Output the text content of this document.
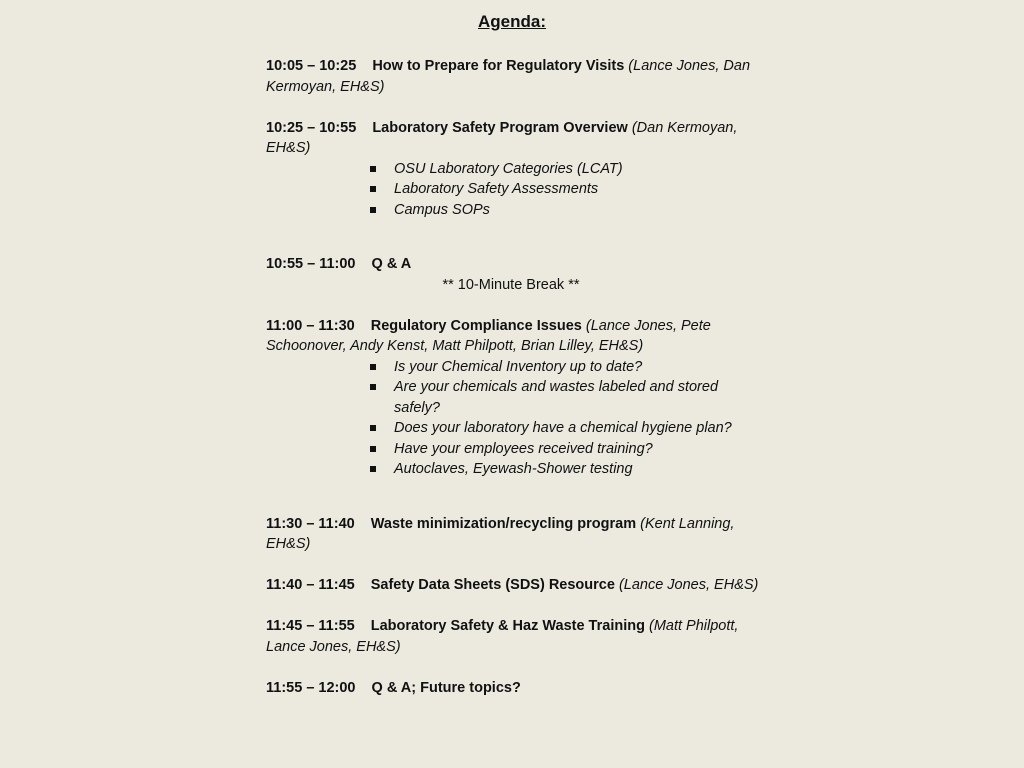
Agenda:

10:05 – 10:25 How to Prepare for Regulatory Visits (Lance Jones, Dan Kermoyan, EH&S)

10:25 – 10:55 Laboratory Safety Program Overview (Dan Kermoyan, EH&S)

OSU Laboratory Categories (LCAT)
Laboratory Safety Assessments
Campus SOPs

10:55 – 11:00 Q & A

** 10-Minute Break **

11:00 – 11:30 Regulatory Compliance Issues (Lance Jones, Pete Schoonover, Andy Kenst, Matt Philpott, Brian Lilley, EH&S)

Is your Chemical Inventory up to date?
Are your chemicals and wastes labeled and stored safely?
Does your laboratory have a chemical hygiene plan?
Have your employees received training?
Autoclaves, Eyewash-Shower testing

11:30 – 11:40 Waste minimization/recycling program (Kent Lanning, EH&S)

11:40 – 11:45 Safety Data Sheets (SDS) Resource (Lance Jones, EH&S)

11:45 – 11:55 Laboratory Safety & Haz Waste Training (Matt Philpott, Lance Jones, EH&S)

11:55 – 12:00 Q & A; Future topics?
